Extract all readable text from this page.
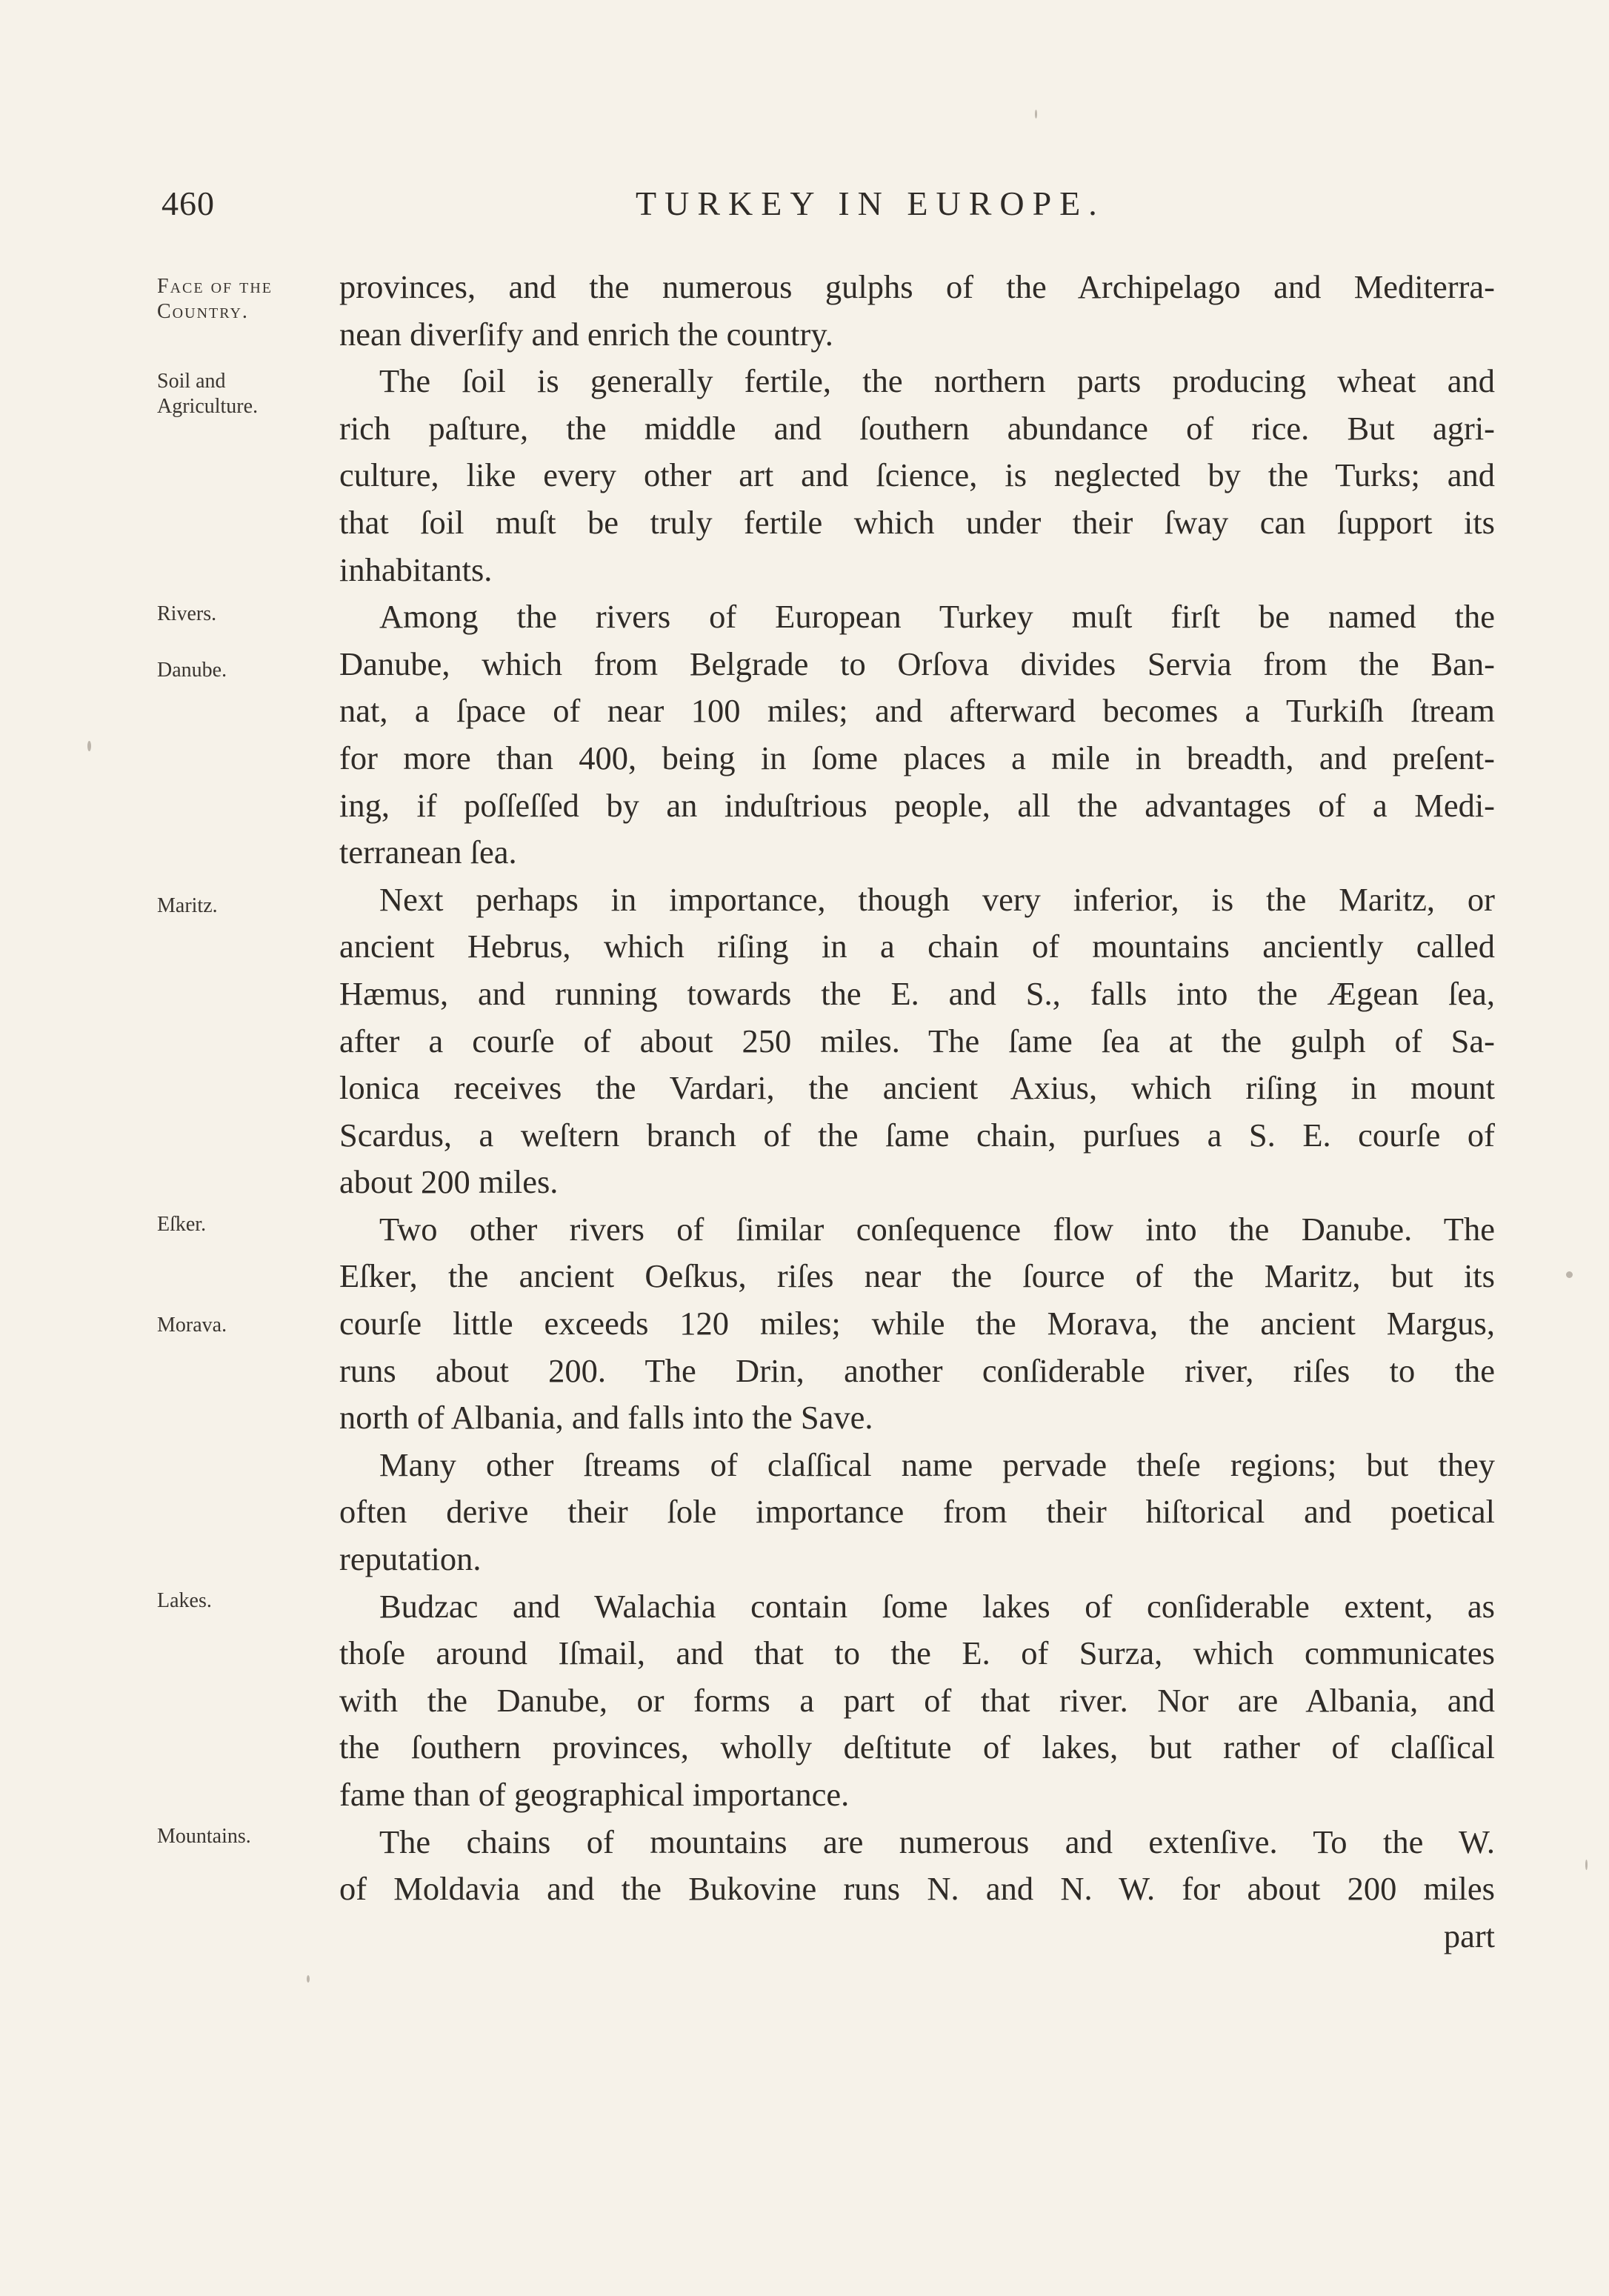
460	TURKEY IN EUROPE.
Face of the Country.
Soil and Agriculture.
Rivers.
Danube.
Maritz.
Eſker.
Morava.
Lakes.
Mountains.
provinces, and the numerous gulphs of the Archipelago and Mediterra-
nean diverſify and enrich the country.
The ſoil is generally fertile, the northern parts producing wheat and
rich paſture, the middle and ſouthern abundance of rice. But agri-
culture, like every other art and ſcience, is neglected by the Turks; and
that ſoil muſt be truly fertile which under their ſway can ſupport its
inhabitants.
Among the rivers of European Turkey muſt firſt be named the
Danube, which from Belgrade to Orſova divides Servia from the Ban-
nat, a ſpace of near 100 miles; and afterward becomes a Turkiſh ſtream
for more than 400, being in ſome places a mile in breadth, and preſent-
ing, if poſſeſſed by an induſtrious people, all the advantages of a Medi-
terranean ſea.
Next perhaps in importance, though very inferior, is the Maritz, or
ancient Hebrus, which riſing in a chain of mountains anciently called
Hæmus, and running towards the E. and S., falls into the Ægean ſea,
after a courſe of about 250 miles. The ſame ſea at the gulph of Sa-
lonica receives the Vardari, the ancient Axius, which riſing in mount
Scardus, a weſtern branch of the ſame chain, purſues a S. E. courſe of
about 200 miles.
Two other rivers of ſimilar conſequence flow into the Danube. The
Eſker, the ancient Oeſkus, riſes near the ſource of the Maritz, but its
courſe little exceeds 120 miles; while the Morava, the ancient Margus,
runs about 200. The Drin, another conſiderable river, riſes to the
north of Albania, and falls into the Save.
Many other ſtreams of claſſical name pervade theſe regions; but they
often derive their ſole importance from their hiſtorical and poetical
reputation.
Budzac and Walachia contain ſome lakes of conſiderable extent, as
thoſe around Iſmail, and that to the E. of Surza, which communicates
with the Danube, or forms a part of that river. Nor are Albania, and
the ſouthern provinces, wholly deſtitute of lakes, but rather of claſſical
fame than of geographical importance.
The chains of mountains are numerous and extenſive. To the W.
of Moldavia and the Bukovine runs N. and N. W. for about 200 miles
part
